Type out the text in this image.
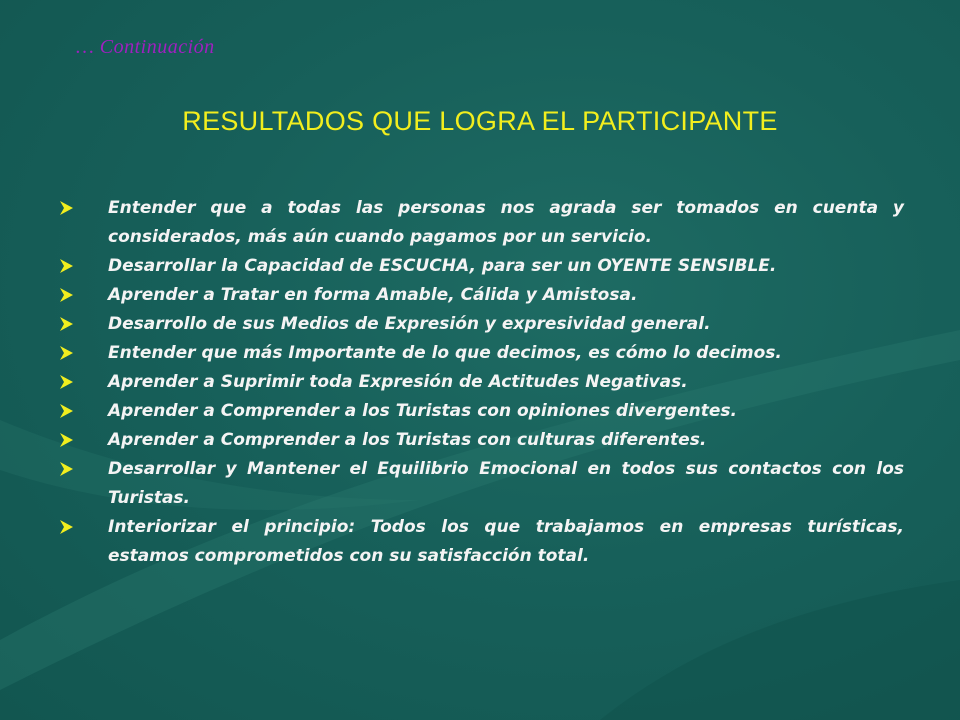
… Continuación
RESULTADOS QUE LOGRA EL PARTICIPANTE
Entender que a todas las personas nos agrada ser tomados en cuenta y considerados, más aún cuando pagamos por un servicio.
Desarrollar la Capacidad de ESCUCHA, para ser un OYENTE SENSIBLE.
Aprender a Tratar en forma Amable, Cálida y Amistosa.
Desarrollo de sus Medios de Expresión y expresividad general.
Entender que más Importante de lo que decimos, es cómo lo decimos.
Aprender a Suprimir toda Expresión de Actitudes Negativas.
Aprender a Comprender a los Turistas con opiniones divergentes.
Aprender a Comprender a los Turistas con culturas diferentes.
Desarrollar y Mantener el Equilibrio Emocional en todos sus contactos con los Turistas.
Interiorizar el principio: Todos los que trabajamos en empresas turísticas, estamos comprometidos con su satisfacción total.
